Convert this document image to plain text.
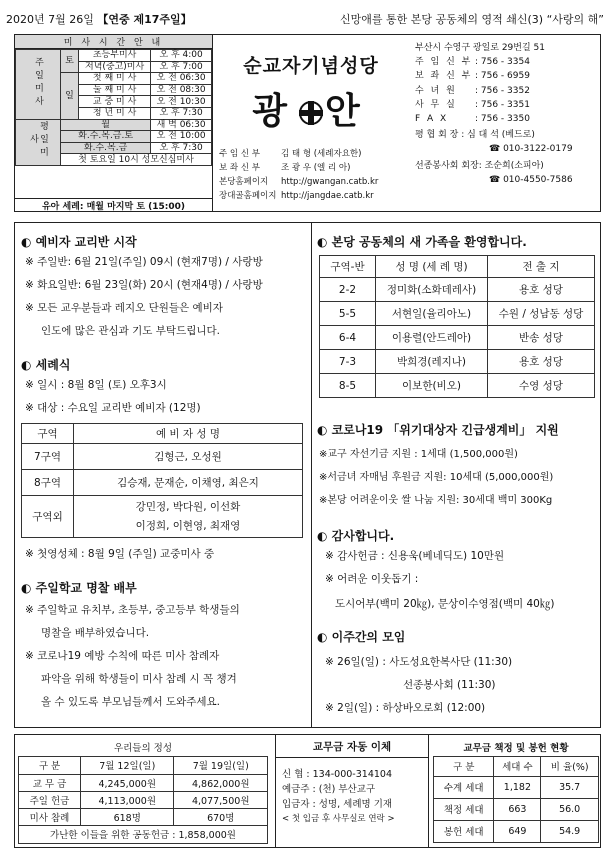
2020년 7월 26일 【연중 제17주일】	신망애를 통한 본당 공동체의 영적 쇄신(3) “사랑의 해”
미 사 시 간 안 내
주일미사	토	초등부미사	오 후 4:00
		저녁(중고)미사	오 후 7:00
	일	첫 째 미 사	오 전 06:30
		둘 째 미 사	오 전 08:30
		교 중 미 사	오 전 10:30
		청 년 미 사	오 후 7:30
평일미사	월		새 벽 06:30
	화.수.목.금.토		오 전 10:00
	화.수.목.금		오 후 7:30
	첫 토요일 10시 성모신심미사		
유아 세례: 매월 마지막 토 (15:00)
순교자기념성당
광 안
주 임 신 부	김 태 형 (세례자요한)
보 좌 신 부	조 광 우 (엘 리 아)
본당홈페이지	http://gwangan.catb.kr
장대골홈페이지 http://jangdae.catb.kr
부산시 수영구 광일로 29번길 51
주 임 신 부 : 756 - 3354
보 좌 신 부 : 756 - 6959
수 녀 원	: 756 - 3352
사 무 실	: 756 - 3351
F A X	: 756 - 3350
평 협 회 장 : 심 대 석 (베드로)
☎ 010-3122-0179
선종봉사회 회장: 조순희(소피아)
☎ 010-4550-7586
◐ 예비자 교리반 시작
※ 주일반: 6월 21일(주일) 09시 (현재7명) / 사랑방
※ 화요일반: 6월 23일(화) 20시 (현재4명) / 사랑방
※ 모든 교우분들과 레지오 단원들은 예비자
인도에 많은 관심과 기도 부탁드립니다.
◐ 세례식
※ 일시 : 8월 8일 (토) 오후3시
※ 대상 : 수요일 교리반 예비자 (12명)
구역	예 비 자 성 명
7구역	김형근, 오성원
8구역	김승재, 문재순, 이채영, 최은지
구역외	강민정, 박다원, 이선화
이정희, 이현영, 최재영
※ 첫영성체 : 8월 9일 (주일) 교중미사 중
◐ 주일학교 명찰 배부
※ 주일학교 유치부, 초등부, 중고등부 학생들의
명찰을 배부하였습니다.
※ 코로나19 예방 수칙에 따른 미사 참례자
파악을 위해 학생들이 미사 참례 시 꼭 챙겨
올 수 있도록 부모님들께서 도와주세요.
◐ 본당 공동체의 새 가족을 환영합니다.
구역-반	성 명 (세 례 명)	전 출 지
2-2	정미화(소화데레사)	용호 성당
5-5	서현일(율리아노)	수원 / 성남동 성당
6-4	이용렬(안드레아)	반송 성당
7-3	박희경(레지나)	용호 성당
8-5	이보한(비오)	수영 성당
◐ 코로나19 「위기대상자 긴급생계비」 지원
※교구 자선기금 지원 : 1세대 (1,500,000원)
※서금녀 자매님 후원금 지원: 10세대 (5,000,000원)
※본당 어려운이웃 쌀 나눔 지원: 30세대 백미 300Kg
◐ 감사합니다.
※ 감사헌금 : 신용욱(베네딕도) 10만원
※ 어려운 이웃돕기 :
도시어부(백미 20㎏), 문상이수영점(백미 40㎏)
◐ 이주간의 모임
※ 26일(일) : 사도성요한복사단 (11:30)
선종봉사회 (11:30)
※ 2일(일) : 하상바오로회 (12:00)
우리들의 정성		
구 분	7월 12일(일)	7월 19일(일)
교 무 금	4,245,000원	4,862,000원
주일 헌금	4,113,000원	4,077,500원
미사 참례	618명	670명
가난한 이들을 위한 공동헌금 : 1,858,000원		
교무금 자동 이체
신 협 : 134-000-314104
예금주 : (천) 부산교구
입금자 : 성명, 세례명 기재
< 첫 입금 후 사무실로 연락 >
교무금 책정 및 봉헌 현황		
구 분	세대 수	비 율(%)
수계 세대	1,182	35.7
책정 세대	663	56.0
봉헌 세대	649	54.9
